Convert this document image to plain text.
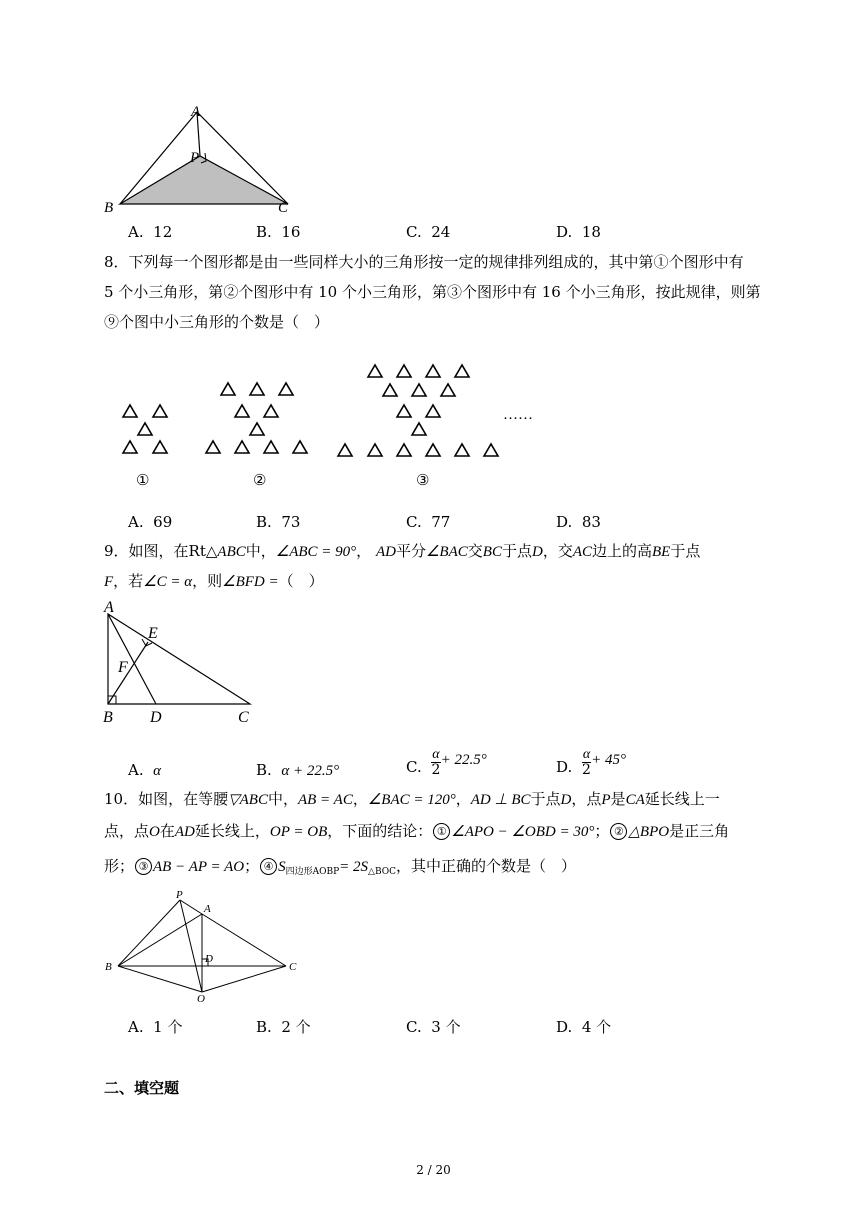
A
P
B	C
A. 12	B. 16	C. 24	D. 18
8．下列每一个图形都是由一些同样大小的三角形按一定的规律排列组成的，其中第①个图形中有
5 个小三角形，第②个图形中有 10 个小三角形，第③个图形中有 16 个小三角形，按此规律，则第
⑨个图中小三角形的个数是（　）
①	②	③
……
A. 69	B. 73	C. 77	D. 83
9．如图，在Rt△ABC中，∠ABC = 90°， AD平分∠BAC交BC于点D，交AC边上的高BE于点
F，若∠C = α，则∠BFD =（　）
A
E
F
B D	C
A. α	B. α + 22.5°	C. $\frac{\alpha}{2} + 22.5^\circ$	D. $\frac{\alpha}{2} + 45^\circ$
10．如图，在等腰▽ABC中，AB = AC，∠BAC = 120°，AD ⊥ BC于点D，点P是CA延长线上一
点，点O在AD延长线上，OP = OB，下面的结论： ① ∠APO − ∠OBD = 30°； ② △BPO是正三角
形； ③ AB − AP = AO； ④ $S_{四边形AOBP}= 2S_{\triangle BOC}$，其中正确的个数是（　）
P
A
B
D
C
O
A. 1 个	B. 2 个	C. 3 个	D. 4 个
二、填空题
2 / 20
